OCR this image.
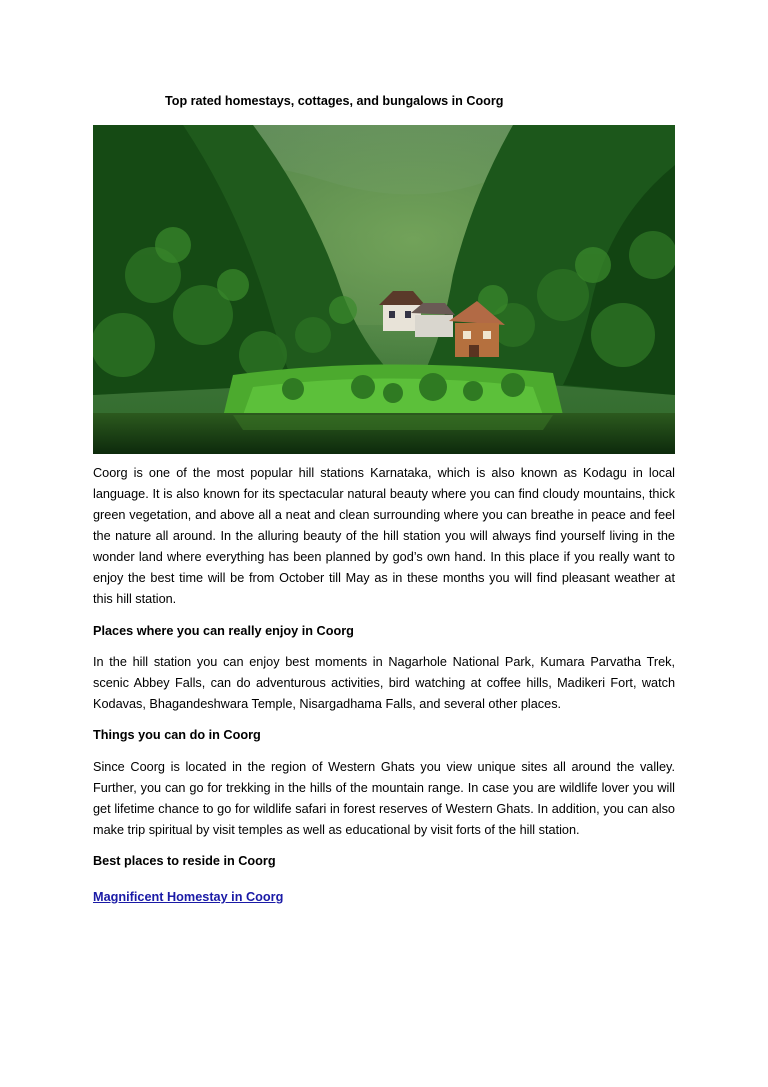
Top rated homestays, cottages, and bungalows in Coorg

Coorg is one of the most popular hill stations Karnataka, which is also known as Kodagu in local language. It is also known for its spectacular natural beauty where you can find cloudy mountains, thick green vegetation, and above all a neat and clean surrounding where you can breathe in peace and feel the nature all around. In the alluring beauty of the hill station you will always find yourself living in the wonder land where everything has been planned by god’s own hand. In this place if you really want to enjoy the best time will be from October till May as in these months you will find pleasant weather at this hill station.

Places where you can really enjoy in Coorg

In the hill station you can enjoy best moments in Nagarhole National Park, Kumara Parvatha Trek, scenic Abbey Falls, can do adventurous activities, bird watching at coffee hills, Madikeri Fort, watch Kodavas, Bhagandeshwara Temple, Nisargadhama Falls, and several other places.

Things you can do in Coorg

Since Coorg is located in the region of Western Ghats you view unique sites all around the valley. Further, you can go for trekking in the hills of the mountain range. In case you are wildlife lover you will get lifetime chance to go for wildlife safari in forest reserves of Western Ghats. In addition, you can also make trip spiritual by visit temples as well as educational by visit forts of the hill station.

Best places to reside in Coorg
Magnificent Homestay in Coorg
